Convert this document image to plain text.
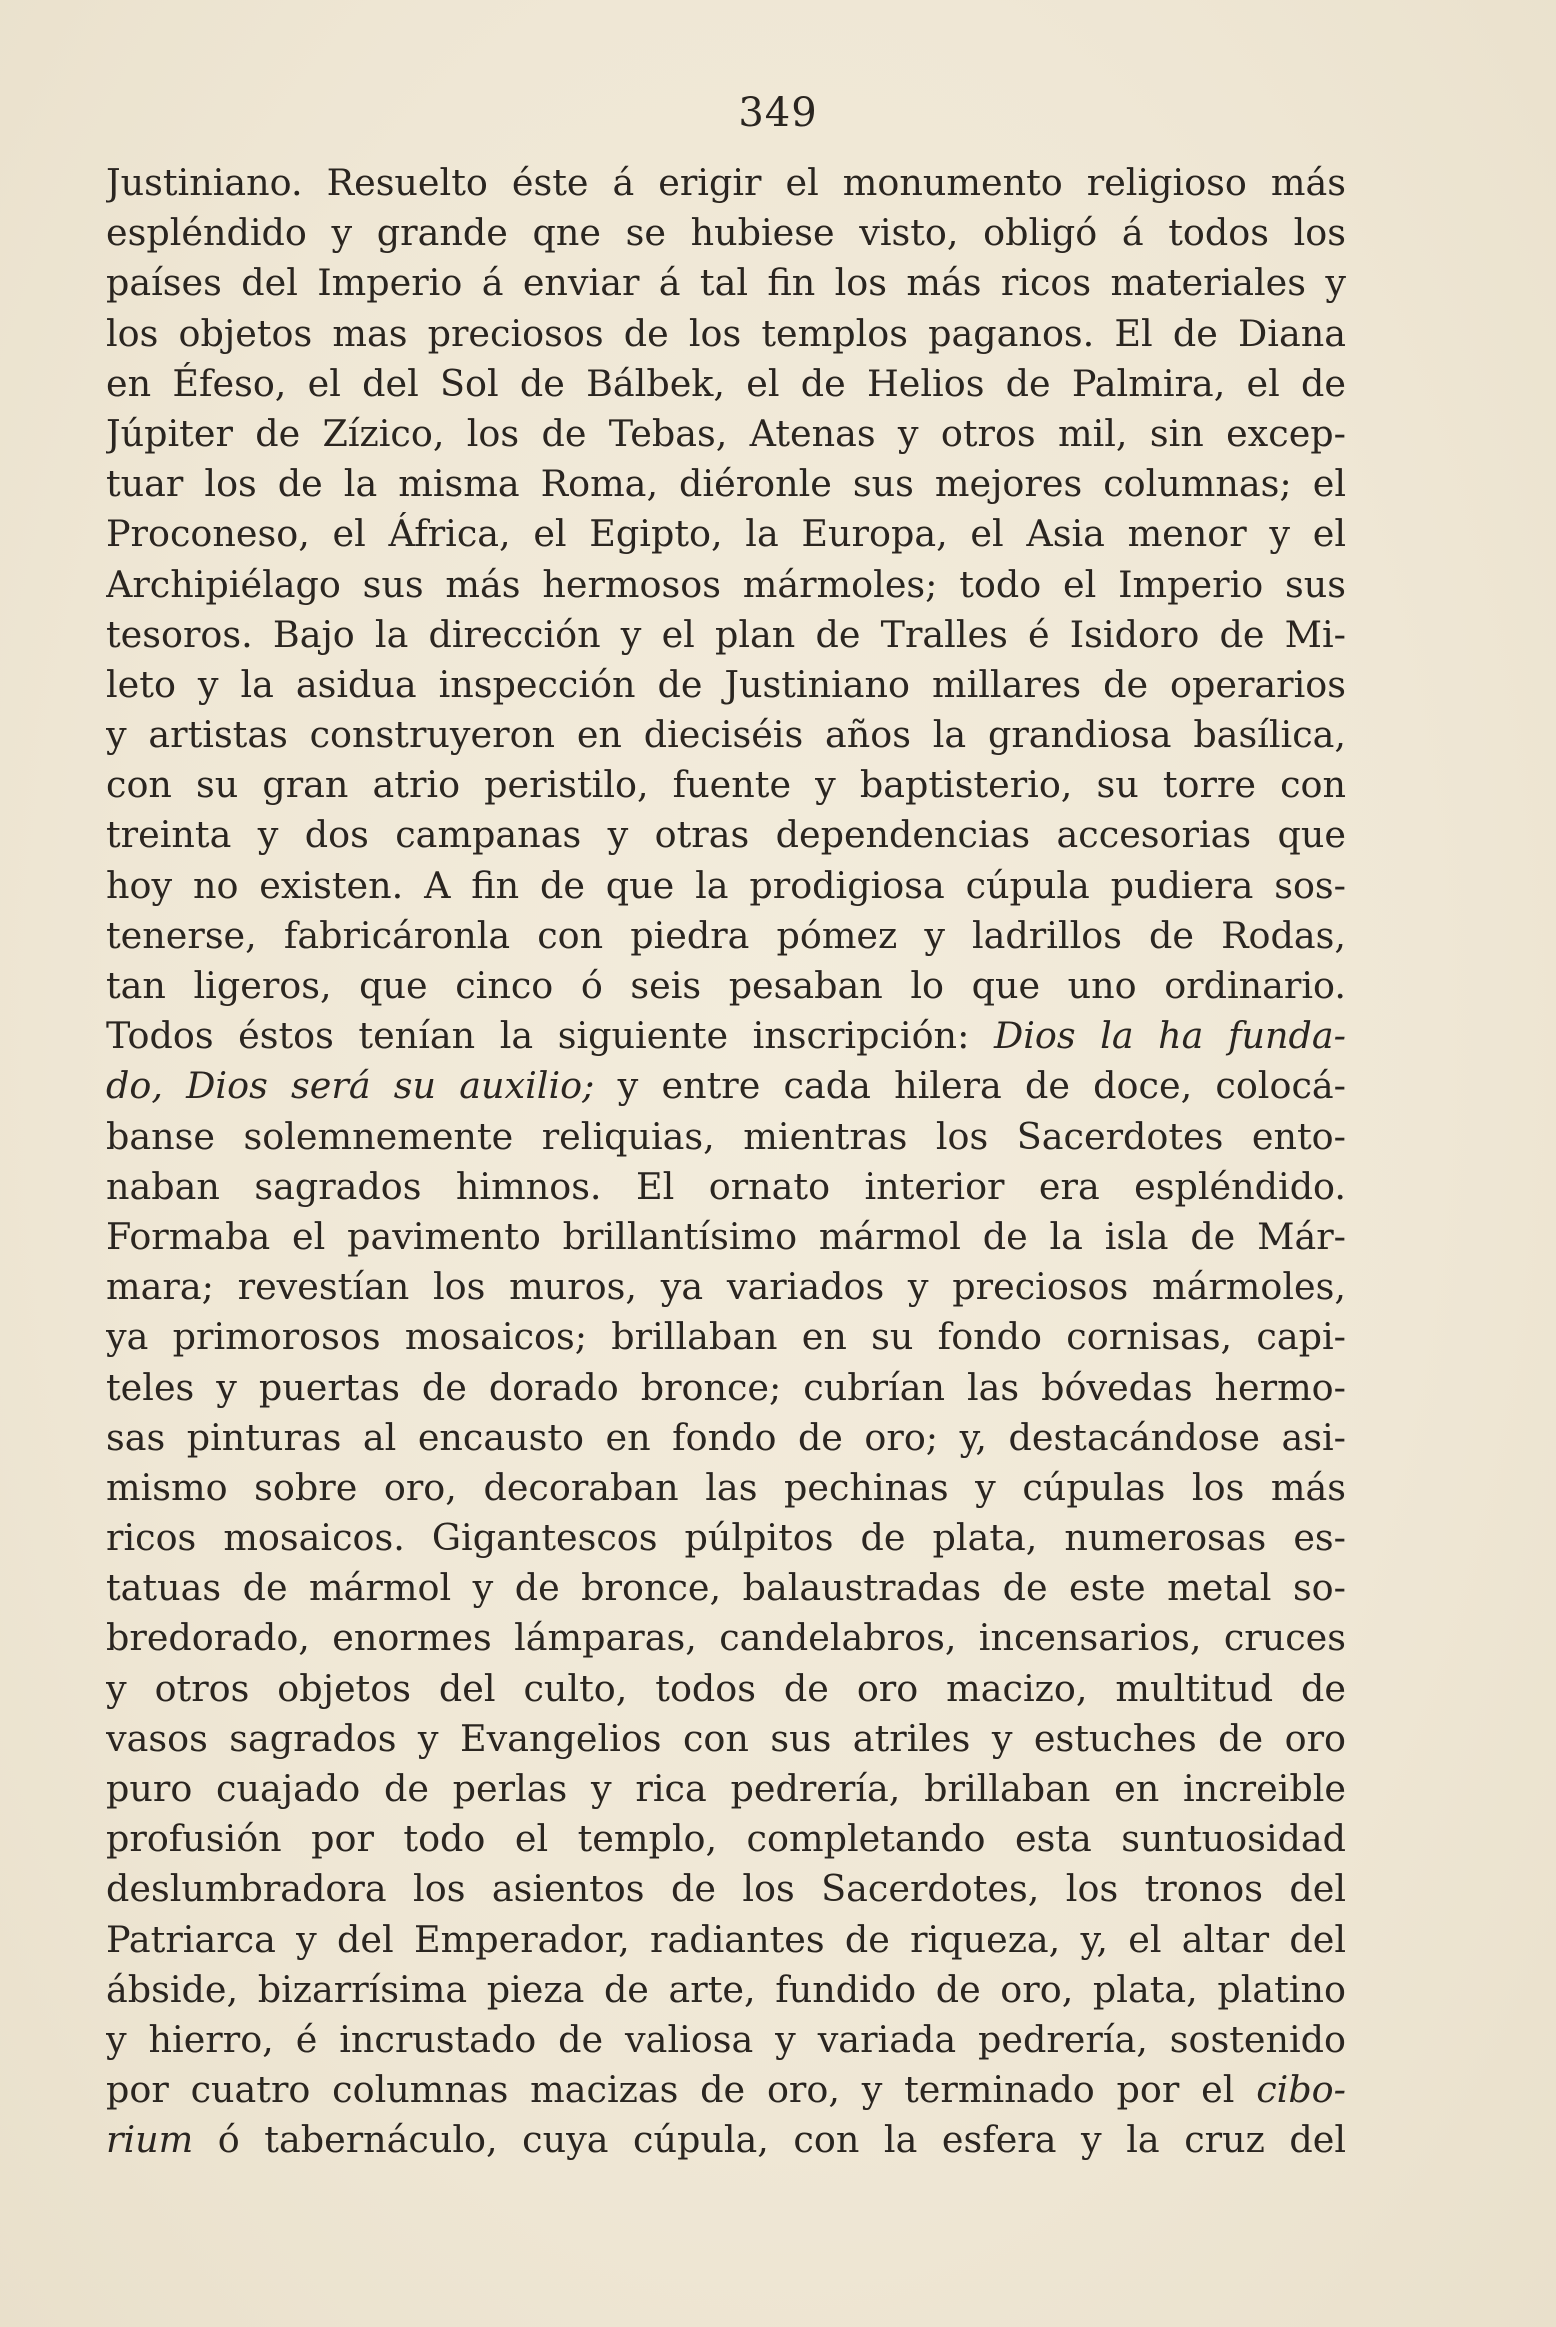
349
Justiniano. Resuelto éste á erigir el monumento religioso más
espléndido y grande qne se hubiese visto, obligó á todos los
países del Imperio á enviar á tal fin los más ricos materiales y
los objetos mas preciosos de los templos paganos. El de Diana
en Éfeso, el del Sol de Bálbek, el de Helios de Palmira, el de
Júpiter de Zízico, los de Tebas, Atenas y otros mil, sin excep-
tuar los de la misma Roma, diéronle sus mejores columnas; el
Proconeso, el África, el Egipto, la Europa, el Asia menor y el
Archipiélago sus más hermosos mármoles; todo el Imperio sus
tesoros. Bajo la dirección y el plan de Tralles é Isidoro de Mi-
leto y la asidua inspección de Justiniano millares de operarios
y artistas construyeron en dieciséis años la grandiosa basílica,
con su gran atrio peristilo, fuente y baptisterio, su torre con
treinta y dos campanas y otras dependencias accesorias que
hoy no existen. A fin de que la prodigiosa cúpula pudiera sos-
tenerse, fabricáronla con piedra pómez y ladrillos de Rodas,
tan ligeros, que cinco ó seis pesaban lo que uno ordinario.
Todos éstos tenían la siguiente inscripción: Dios la ha funda-
do, Dios será su auxilio; y entre cada hilera de doce, colocá-
banse solemnemente reliquias, mientras los Sacerdotes ento-
naban sagrados himnos. El ornato interior era espléndido.
Formaba el pavimento brillantísimo mármol de la isla de Már-
mara; revestían los muros, ya variados y preciosos mármoles,
ya primorosos mosaicos; brillaban en su fondo cornisas, capi-
teles y puertas de dorado bronce; cubrían las bóvedas hermo-
sas pinturas al encausto en fondo de oro; y, destacándose asi-
mismo sobre oro, decoraban las pechinas y cúpulas los más
ricos mosaicos. Gigantescos púlpitos de plata, numerosas es-
tatuas de mármol y de bronce, balaustradas de este metal so-
bredorado, enormes lámparas, candelabros, incensarios, cruces
y otros objetos del culto, todos de oro macizo, multitud de
vasos sagrados y Evangelios con sus atriles y estuches de oro
puro cuajado de perlas y rica pedrería, brillaban en increible
profusión por todo el templo, completando esta suntuosidad
deslumbradora los asientos de los Sacerdotes, los tronos del
Patriarca y del Emperador, radiantes de riqueza, y, el altar del
ábside, bizarrísima pieza de arte, fundido de oro, plata, platino
y hierro, é incrustado de valiosa y variada pedrería, sostenido
por cuatro columnas macizas de oro, y terminado por el cibo-
rium ó tabernáculo, cuya cúpula, con la esfera y la cruz del
